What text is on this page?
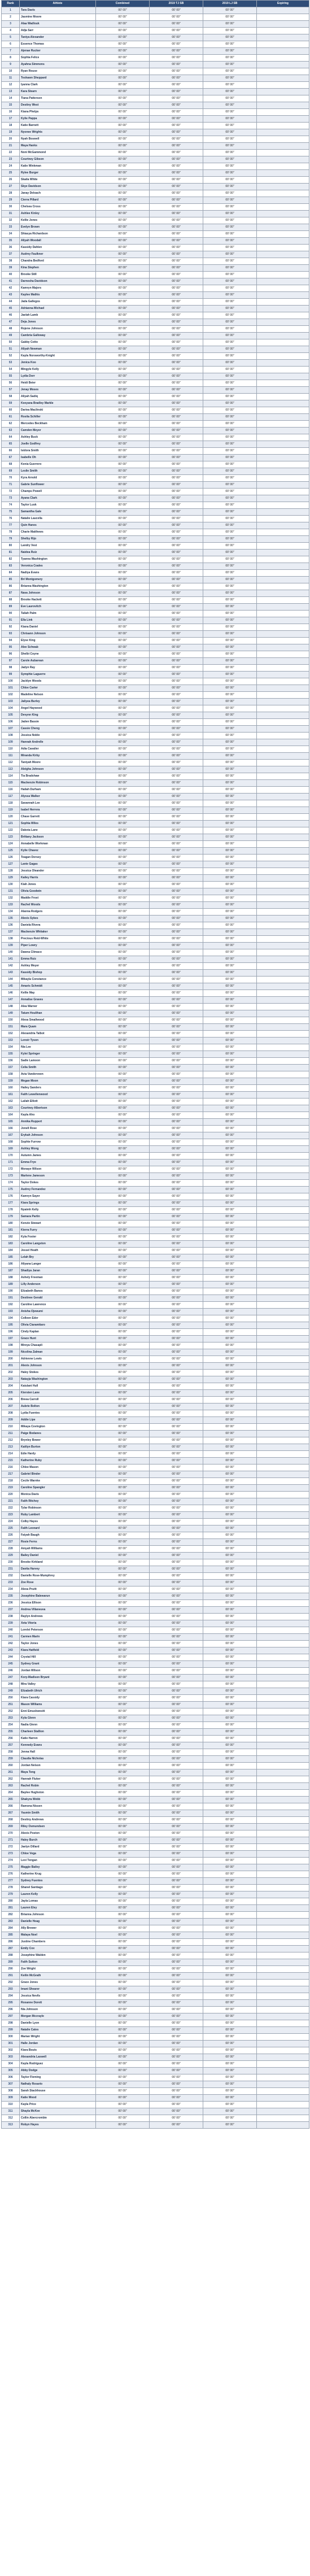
Rank	Athlete	Combined	2019 TJ SB	2019 LJ SB	Expiring
1	Tara Davis	00' 00"	00' 00"	00' 00"	
2	Jasmine Moore	00' 00"	00' 00"	00' 00"	
3	Alaa Wadlouk	00' 00"	00' 00"	00' 00"	
4	Adja Sarr	00' 00"	00' 00"	00' 00"	
5	Taniya Alexander	00' 00"	00' 00"	00' 00"	
6	Essence Thomas	00' 00"	00' 00"	00' 00"	
7	Ajenae Rucker	00' 00"	00' 00"	00' 00"	
8	Sophia Felice	00' 00"	00' 00"	00' 00"	
9	Ayahna Simmons	00' 00"	00' 00"	00' 00"	
10	Ryan Rouse	00' 00"	00' 00"	00' 00"	
11	Teshawn Sheppard	00' 00"	00' 00"	00' 00"	
12	Iyanna Clark	00' 00"	00' 00"	00' 00"	
13	Kara Stearn	00' 00"	00' 00"	00' 00"	
14	Tiana Patterson	00' 00"	00' 00"	00' 00"	
15	Destiny West	00' 00"	00' 00"	00' 00"	
16	Kiana Phelps	00' 00"	00' 00"	00' 00"	
17	Kylie Pappa	00' 00"	00' 00"	00' 00"	
18	Katie Barnett	00' 00"	00' 00"	00' 00"	
19	Nyonee Wrights	00' 00"	00' 00"	00' 00"	
20	Nyah Boswell	00' 00"	00' 00"	00' 00"	
21	Maya Hanks	00' 00"	00' 00"	00' 00"	
22	Noni McGammond	00' 00"	00' 00"	00' 00"	
23	Courtney Gibson	00' 00"	00' 00"	00' 00"	
24	Katie Winkman	00' 00"	00' 00"	00' 00"	
25	Rylee Burger	00' 00"	00' 00"	00' 00"	
26	Skaila White	00' 00"	00' 00"	00' 00"	
27	Skye Davidson	00' 00"	00' 00"	00' 00"	
28	Janay Deloach	00' 00"	00' 00"	00' 00"	
29	Cierra Pillard	00' 00"	00' 00"	00' 00"	
30	Chelsea Cross	00' 00"	00' 00"	00' 00"	
31	Ashlee Kinley	00' 00"	00' 00"	00' 00"	
32	Kellie Jones	00' 00"	00' 00"	00' 00"	
33	Evelyn Brown	00' 00"	00' 00"	00' 00"	
34	Shiasya Richardson	00' 00"	00' 00"	00' 00"	
35	Aliyah Woodall	00' 00"	00' 00"	00' 00"	
36	Kassidy Dahlen	00' 00"	00' 00"	00' 00"	
37	Audrey Faulkner	00' 00"	00' 00"	00' 00"	
38	Chandra Bedford	00' 00"	00' 00"	00' 00"	
39	Kina Stephen	00' 00"	00' 00"	00' 00"	
40	Brooke Still	00' 00"	00' 00"	00' 00"	
41	Darnesha Davidson	00' 00"	00' 00"	00' 00"	
42	Kamryn Majors	00' 00"	00' 00"	00' 00"	
43	Kaylee Mathis	00' 00"	00' 00"	00' 00"	
44	Jada Gallegos	00' 00"	00' 00"	00' 00"	
45	Adrianna Michael	00' 00"	00' 00"	00' 00"	
46	Jaelah Lamb	00' 00"	00' 00"	00' 00"	
47	Deja Jones	00' 00"	00' 00"	00' 00"	
48	Rojene Johnson	00' 00"	00' 00"	00' 00"	
49	Cambria Galloway	00' 00"	00' 00"	00' 00"	
50	Gabby Cotto	00' 00"	00' 00"	00' 00"	
51	Aliyah Newman	00' 00"	00' 00"	00' 00"	
52	Kayla Norsworthy-Knight	00' 00"	00' 00"	00' 00"	
53	Jenica Koo	00' 00"	00' 00"	00' 00"	
54	Mingyle Kelly	00' 00"	00' 00"	00' 00"	
55	Lydia Dorr	00' 00"	00' 00"	00' 00"	
56	Heidi Beier	00' 00"	00' 00"	00' 00"	
57	Jenay Moses	00' 00"	00' 00"	00' 00"	
58	Aliyah Sadiq	00' 00"	00' 00"	00' 00"	
59	Keeyana Bradley Markle	00' 00"	00' 00"	00' 00"	
60	Dariea Maclinski	00' 00"	00' 00"	00' 00"	
61	Rosita Schiller	00' 00"	00' 00"	00' 00"	
62	Mercedes Beckham	00' 00"	00' 00"	00' 00"	
63	Camden Meyer	00' 00"	00' 00"	00' 00"	
64	Ashley Buck	00' 00"	00' 00"	00' 00"	
65	Joelle Godfrey	00' 00"	00' 00"	00' 00"	
66	Isidora Smith	00' 00"	00' 00"	00' 00"	
67	Isabelle Oh	00' 00"	00' 00"	00' 00"	
68	Kenia Guerrero	00' 00"	00' 00"	00' 00"	
69	Leslie Smith	00' 00"	00' 00"	00' 00"	
70	Kyra Arnold	00' 00"	00' 00"	00' 00"	
71	Gabrie Sunflower	00' 00"	00' 00"	00' 00"	
72	Champs Powell	00' 00"	00' 00"	00' 00"	
73	Ayana Clark	00' 00"	00' 00"	00' 00"	
74	Taylor Lusk	00' 00"	00' 00"	00' 00"	
75	Samantha Gale	00' 00"	00' 00"	00' 00"	
76	Natalie Laucella	00' 00"	00' 00"	00' 00"	
77	Quin Hanes	00' 00"	00' 00"	00' 00"	
78	Charie Matthews	00' 00"	00' 00"	00' 00"	
79	Shelby Rijo	00' 00"	00' 00"	00' 00"	
80	Landry Vest	00' 00"	00' 00"	00' 00"	
81	Naidea Ruiz	00' 00"	00' 00"	00' 00"	
82	Tyanna Washington	00' 00"	00' 00"	00' 00"	
83	Veronica Coales	00' 00"	00' 00"	00' 00"	
84	Nadiya Evans	00' 00"	00' 00"	00' 00"	
85	Bri Montgomery	00' 00"	00' 00"	00' 00"	
86	Brianna Washington	00' 00"	00' 00"	00' 00"	
87	Nava Johnson	00' 00"	00' 00"	00' 00"	
88	Brooke Hackett	00' 00"	00' 00"	00' 00"	
89	Eve Laurovitch	00' 00"	00' 00"	00' 00"	
90	Taliah Palm	00' 00"	00' 00"	00' 00"	
91	Ella Link	00' 00"	00' 00"	00' 00"	
92	Kiana Daniel	00' 00"	00' 00"	00' 00"	
93	Chrisann Johnson	00' 00"	00' 00"	00' 00"	
94	Elyse King	00' 00"	00' 00"	00' 00"	
95	Alee Schwab	00' 00"	00' 00"	00' 00"	
96	Shelbi Coyne	00' 00"	00' 00"	00' 00"	
97	Carole Aubarean	00' 00"	00' 00"	00' 00"	
98	Jadyn Ray	00' 00"	00' 00"	00' 00"	
99	Symphie Laguerre	00' 00"	00' 00"	00' 00"	
100	Jacklyn Woods	00' 00"	00' 00"	00' 00"	
101	Chloe Carter	00' 00"	00' 00"	00' 00"	
102	Madeline Nelson	00' 00"	00' 00"	00' 00"	
103	Jaliyea Burley	00' 00"	00' 00"	00' 00"	
104	Angel Haywood	00' 00"	00' 00"	00' 00"	
105	Devynn King	00' 00"	00' 00"	00' 00"	
106	Jaden Bassie	00' 00"	00' 00"	00' 00"	
107	Cassie Cheng	00' 00"	00' 00"	00' 00"	
108	Jessica Noble	00' 00"	00' 00"	00' 00"	
109	Hannah Andrelle	00' 00"	00' 00"	00' 00"	
110	Adia Cavalier	00' 00"	00' 00"	00' 00"	
111	Miranda Kirby	00' 00"	00' 00"	00' 00"	
112	Taniyah Moore	00' 00"	00' 00"	00' 00"	
113	Aleigha Johnson	00' 00"	00' 00"	00' 00"	
114	Tia Bradshaw	00' 00"	00' 00"	00' 00"	
115	Mackenzie Robinson	00' 00"	00' 00"	00' 00"	
116	Hailah Durham	00' 00"	00' 00"	00' 00"	
117	Alyssa Walker	00' 00"	00' 00"	00' 00"	
118	Savannah Lee	00' 00"	00' 00"	00' 00"	
119	Isabel Herrera	00' 00"	00' 00"	00' 00"	
120	Chase Garrett	00' 00"	00' 00"	00' 00"	
121	Sophia Wiles	00' 00"	00' 00"	00' 00"	
122	Dakota Lane	00' 00"	00' 00"	00' 00"	
123	Brittany Jackson	00' 00"	00' 00"	00' 00"	
124	Annabelle Workman	00' 00"	00' 00"	00' 00"	
125	Kylie Chavez	00' 00"	00' 00"	00' 00"	
126	Teagan Dorsey	00' 00"	00' 00"	00' 00"	
127	Lanie Gagas	00' 00"	00' 00"	00' 00"	
128	Jessica Oleander	00' 00"	00' 00"	00' 00"	
129	Kailey Harris	00' 00"	00' 00"	00' 00"	
130	Kiah Jones	00' 00"	00' 00"	00' 00"	
131	Olivia Goodwin	00' 00"	00' 00"	00' 00"	
132	Maddie Frost	00' 00"	00' 00"	00' 00"	
133	Rachel Woods	00' 00"	00' 00"	00' 00"	
134	Alanna Rodgers	00' 00"	00' 00"	00' 00"	
135	Alexis Sykes	00' 00"	00' 00"	00' 00"	
136	Daniela Rivera	00' 00"	00' 00"	00' 00"	
137	Mackenzie Whitaker	00' 00"	00' 00"	00' 00"	
138	Precious Reid-White	00' 00"	00' 00"	00' 00"	
139	Piper Lowry	00' 00"	00' 00"	00' 00"	
140	Dawna Climaco	00' 00"	00' 00"	00' 00"	
141	Emma Ruiz	00' 00"	00' 00"	00' 00"	
142	Ashley Meyer	00' 00"	00' 00"	00' 00"	
143	Kassidy Bishop	00' 00"	00' 00"	00' 00"	
144	Mikayla Constance	00' 00"	00' 00"	00' 00"	
145	Amaris Schmidt	00' 00"	00' 00"	00' 00"	
146	Kellie May	00' 00"	00' 00"	00' 00"	
147	Annalise Graves	00' 00"	00' 00"	00' 00"	
148	Alea Warner	00' 00"	00' 00"	00' 00"	
149	Tatum Houlihan	00' 00"	00' 00"	00' 00"	
150	Alexa Smallwood	00' 00"	00' 00"	00' 00"	
151	Mara Quam	00' 00"	00' 00"	00' 00"	
152	Alexandria Talbot	00' 00"	00' 00"	00' 00"	
153	Lenoir Tyson	00' 00"	00' 00"	00' 00"	
154	Nia Lee	00' 00"	00' 00"	00' 00"	
155	Kylei Springer	00' 00"	00' 00"	00' 00"	
156	Sadie Lamoon	00' 00"	00' 00"	00' 00"	
157	Celia Smith	00' 00"	00' 00"	00' 00"	
158	Avia Vanderveen	00' 00"	00' 00"	00' 00"	
159	Megan Moon	00' 00"	00' 00"	00' 00"	
160	Hailey Sanders	00' 00"	00' 00"	00' 00"	
161	Faith Lewellenwood	00' 00"	00' 00"	00' 00"	
162	Lailah Elliott	00' 00"	00' 00"	00' 00"	
163	Courtney Albertson	00' 00"	00' 00"	00' 00"	
164	Kayla Aho	00' 00"	00' 00"	00' 00"	
165	Annika Ruppert	00' 00"	00' 00"	00' 00"	
166	Jonell Rose	00' 00"	00' 00"	00' 00"	
167	Erykah Johnson	00' 00"	00' 00"	00' 00"	
168	Sophie Furrow	00' 00"	00' 00"	00' 00"	
169	Ashley Wong	00' 00"	00' 00"	00' 00"	
170	Autumn James	00' 00"	00' 00"	00' 00"	
171	Emma Frye	00' 00"	00' 00"	00' 00"	
172	Monaye Wilson	00' 00"	00' 00"	00' 00"	
173	Marlene Jameson	00' 00"	00' 00"	00' 00"	
174	Taylor Dokes	00' 00"	00' 00"	00' 00"	
175	Audrey Fernandez	00' 00"	00' 00"	00' 00"	
176	Kamryn Sayer	00' 00"	00' 00"	00' 00"	
177	Kiara Springs	00' 00"	00' 00"	00' 00"	
178	Nyaimh Kelly	00' 00"	00' 00"	00' 00"	
179	Samara Partin	00' 00"	00' 00"	00' 00"	
180	Kenzie Stewart	00' 00"	00' 00"	00' 00"	
181	Kierra Furry	00' 00"	00' 00"	00' 00"	
182	Kyla Foster	00' 00"	00' 00"	00' 00"	
183	Caroline Langston	00' 00"	00' 00"	00' 00"	
184	Jessel Heath	00' 00"	00' 00"	00' 00"	
185	Lelah Bry	00' 00"	00' 00"	00' 00"	
186	Aliyana Langer	00' 00"	00' 00"	00' 00"	
187	Shadiya Jaran	00' 00"	00' 00"	00' 00"	
188	Ashely Freeman	00' 00"	00' 00"	00' 00"	
189	Lilly Anderson	00' 00"	00' 00"	00' 00"	
190	Elizabeth Banos	00' 00"	00' 00"	00' 00"	
191	Destinee Gerald	00' 00"	00' 00"	00' 00"	
192	Caroline Lawrence	00' 00"	00' 00"	00' 00"	
193	Anisha Ojewumi	00' 00"	00' 00"	00' 00"	
194	Colleen Eder	00' 00"	00' 00"	00' 00"	
195	Olivia Ciaramitaro	00' 00"	00' 00"	00' 00"	
196	Cindy Kaplan	00' 00"	00' 00"	00' 00"	
197	Grace Hunt	00' 00"	00' 00"	00' 00"	
198	Mireya Chasapli	00' 00"	00' 00"	00' 00"	
199	Nicolina Zalman	00' 00"	00' 00"	00' 00"	
200	Adrienne Lewis	00' 00"	00' 00"	00' 00"	
201	Alexis Johnson	00' 00"	00' 00"	00' 00"	
202	Haley Stokes	00' 00"	00' 00"	00' 00"	
203	Natayja Washington	00' 00"	00' 00"	00' 00"	
204	Kaiulani Hull	00' 00"	00' 00"	00' 00"	
205	Kiersten Lane	00' 00"	00' 00"	00' 00"	
206	Breea Carroll	00' 00"	00' 00"	00' 00"	
207	Aubrie Bolton	00' 00"	00' 00"	00' 00"	
208	Lydia Fuentes	00' 00"	00' 00"	00' 00"	
209	Addie Lipe	00' 00"	00' 00"	00' 00"	
210	Mikaya Covington	00' 00"	00' 00"	00' 00"	
211	Paige Bodanes	00' 00"	00' 00"	00' 00"	
212	Brynley Bower	00' 00"	00' 00"	00' 00"	
213	Kaitlyn Burton	00' 00"	00' 00"	00' 00"	
214	Edie Hardy	00' 00"	00' 00"	00' 00"	
215	Katherine Ruby	00' 00"	00' 00"	00' 00"	
216	Chloe Mason	00' 00"	00' 00"	00' 00"	
217	Gabriel Binder	00' 00"	00' 00"	00' 00"	
218	Cecile Warnke	00' 00"	00' 00"	00' 00"	
219	Caroline Spangler	00' 00"	00' 00"	00' 00"	
220	Monica Davis	00' 00"	00' 00"	00' 00"	
221	Faith Ritchey	00' 00"	00' 00"	00' 00"	
222	Tylar Robinson	00' 00"	00' 00"	00' 00"	
223	Ruby Lambert	00' 00"	00' 00"	00' 00"	
224	Colby Hayes	00' 00"	00' 00"	00' 00"	
225	Faith Leonard	00' 00"	00' 00"	00' 00"	
226	Faiyah Baugh	00' 00"	00' 00"	00' 00"	
227	Rosie Ferns	00' 00"	00' 00"	00' 00"	
228	Amyah Williams	00' 00"	00' 00"	00' 00"	
229	Bailey Daniel	00' 00"	00' 00"	00' 00"	
230	Brooke Kirkland	00' 00"	00' 00"	00' 00"	
231	Davita Harvey	00' 00"	00' 00"	00' 00"	
232	Danielle Rose-Mumphrey	00' 00"	00' 00"	00' 00"	
233	Zoe Rose	00' 00"	00' 00"	00' 00"	
234	Alexa Pruitt	00' 00"	00' 00"	00' 00"	
235	Josephine Balewarun	00' 00"	00' 00"	00' 00"	
236	Jessica Ellison	00' 00"	00' 00"	00' 00"	
237	Andrea Villaneuva	00' 00"	00' 00"	00' 00"	
238	Raylyn Andrews	00' 00"	00' 00"	00' 00"	
239	Xeta Vitoria	00' 00"	00' 00"	00' 00"	
240	Lorelei Peterson	00' 00"	00' 00"	00' 00"	
241	Carmen Marin	00' 00"	00' 00"	00' 00"	
242	Taylor Jones	00' 00"	00' 00"	00' 00"	
243	Kiara Hatfield	00' 00"	00' 00"	00' 00"	
244	Crystal Hill	00' 00"	00' 00"	00' 00"	
245	Sydney Grant	00' 00"	00' 00"	00' 00"	
246	Jordan Wilson	00' 00"	00' 00"	00' 00"	
247	Kory-Madison Bryant	00' 00"	00' 00"	00' 00"	
248	Mira Valley	00' 00"	00' 00"	00' 00"	
249	Elizabeth Ulrich	00' 00"	00' 00"	00' 00"	
250	Kiara Cassidy	00' 00"	00' 00"	00' 00"	
251	Mason Williams	00' 00"	00' 00"	00' 00"	
252	Enni Emuskwesiti	00' 00"	00' 00"	00' 00"	
253	Kyla Glenn	00' 00"	00' 00"	00' 00"	
254	Nadia Glenn	00' 00"	00' 00"	00' 00"	
255	Charleen Stallion	00' 00"	00' 00"	00' 00"	
256	Katie Harren	00' 00"	00' 00"	00' 00"	
257	Kennedy Evans	00' 00"	00' 00"	00' 00"	
258	Jenna Hall	00' 00"	00' 00"	00' 00"	
259	Claudia Nicholas	00' 00"	00' 00"	00' 00"	
260	Jordan Nelson	00' 00"	00' 00"	00' 00"	
261	Maya Teng	00' 00"	00' 00"	00' 00"	
262	Hannah Fluker	00' 00"	00' 00"	00' 00"	
263	Rachel Robin	00' 00"	00' 00"	00' 00"	
264	Baylee Hughston	00' 00"	00' 00"	00' 00"	
265	Shakyra Webb	00' 00"	00' 00"	00' 00"	
266	Ramona Nissen	00' 00"	00' 00"	00' 00"	
267	Yasmin Smith	00' 00"	00' 00"	00' 00"	
268	Destiny Andrews	00' 00"	00' 00"	00' 00"	
269	Riley Osmundsen	00' 00"	00' 00"	00' 00"	
270	Alexis Poston	00' 00"	00' 00"	00' 00"	
271	Haley Burch	00' 00"	00' 00"	00' 00"	
272	Jaelyn Dillard	00' 00"	00' 00"	00' 00"	
273	Chloe Vega	00' 00"	00' 00"	00' 00"	
274	Lexi Tengan	00' 00"	00' 00"	00' 00"	
275	Maggie Bailey	00' 00"	00' 00"	00' 00"	
276	Katherine Krug	00' 00"	00' 00"	00' 00"	
277	Sydney Fuentes	00' 00"	00' 00"	00' 00"	
278	Shanel Santiago	00' 00"	00' 00"	00' 00"	
279	Lauren Kelly	00' 00"	00' 00"	00' 00"	
280	Jayla Lomas	00' 00"	00' 00"	00' 00"	
281	Lauren Eley	00' 00"	00' 00"	00' 00"	
282	Brianna Johnson	00' 00"	00' 00"	00' 00"	
283	Danielle Hoag	00' 00"	00' 00"	00' 00"	
284	Ally Brewer	00' 00"	00' 00"	00' 00"	
285	Malaya Noel	00' 00"	00' 00"	00' 00"	
286	Justine Chambers	00' 00"	00' 00"	00' 00"	
287	Emily Cox	00' 00"	00' 00"	00' 00"	
288	Josephine Walden	00' 00"	00' 00"	00' 00"	
289	Faith Sutton	00' 00"	00' 00"	00' 00"	
290	Zoe Wright	00' 00"	00' 00"	00' 00"	
291	Keilin McGrath	00' 00"	00' 00"	00' 00"	
292	Grace Jones	00' 00"	00' 00"	00' 00"	
293	Imani Shearer	00' 00"	00' 00"	00' 00"	
294	Jessica Nevils	00' 00"	00' 00"	00' 00"	
295	Roxanne Dorett	00' 00"	00' 00"	00' 00"	
296	Nia Johnson	00' 00"	00' 00"	00' 00"	
297	Morgan Mccrayle	00' 00"	00' 00"	00' 00"	
298	Danielle Lyon	00' 00"	00' 00"	00' 00"	
299	Natalie Cates	00' 00"	00' 00"	00' 00"	
300	Marian Wright	00' 00"	00' 00"	00' 00"	
301	Halle Jordan	00' 00"	00' 00"	00' 00"	
302	Kiara Bouts	00' 00"	00' 00"	00' 00"	
303	Alexandria Laswell	00' 00"	00' 00"	00' 00"	
304	Kayla Rodriguez	00' 00"	00' 00"	00' 00"	
305	Abby Dodge	00' 00"	00' 00"	00' 00"	
306	Taylor Fleming	00' 00"	00' 00"	00' 00"	
307	Nathaly Rosario	00' 00"	00' 00"	00' 00"	
308	Sarah Stackhouse	00' 00"	00' 00"	00' 00"	
309	Katie Wood	00' 00"	00' 00"	00' 00"	
310	Kayla Price	00' 00"	00' 00"	00' 00"	
311	Shayla McKee	00' 00"	00' 00"	00' 00"	
312	Collin Abercrombie	00' 00"	00' 00"	00' 00"	
313	Robyn Hayes	00' 00"	00' 00"	00' 00"	
